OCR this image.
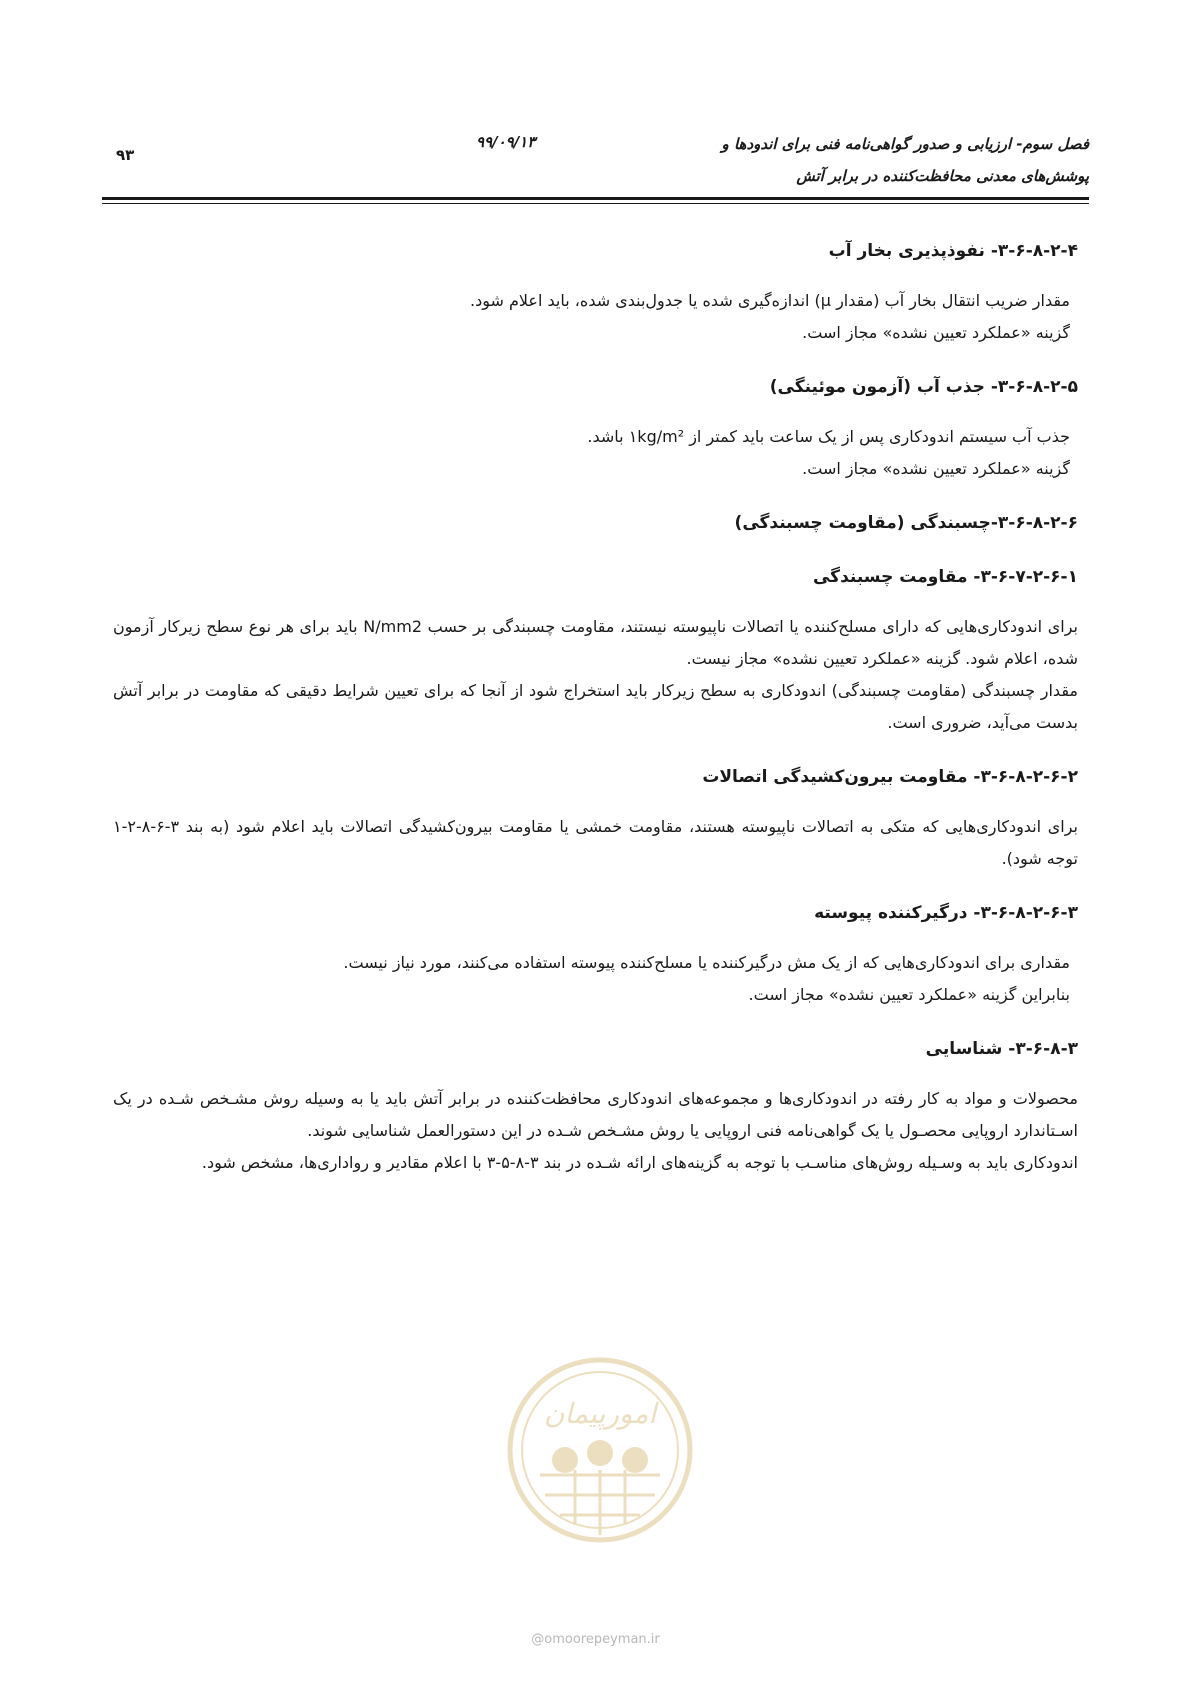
فصل سوم- ارزیابی و صدور گواهی‌نامه فنی برای اندودها و
پوشش‌های معدنی محافظت‌کننده در برابر آتش
۹۹/۰۹/۱۳
۹۳
۳-۶-۸-۲-۴- نفوذپذیری بخار آب

مقدار ضریب انتقال بخار آب (مقدار μ) اندازه‌گیری شده یا جدول‌بندی شده، باید اعلام شود.

گزینه «عملکرد تعیین نشده» مجاز است.

۳-۶-۸-۲-۵- جذب آب (آزمون موئینگی)

جذب آب سیستم اندودکاری پس از یک ساعت باید کمتر از ۱kg/m² باشد.

گزینه «عملکرد تعیین نشده» مجاز است.

۳-۶-۸-۲-۶-چسبندگی (مقاومت چسبندگی)
۳-۶-۷-۲-۶-۱- مقاومت چسبندگی

برای اندودکاری‌هایی که دارای مسلح‌کننده یا اتصالات ناپیوسته نیستند، مقاومت چسبندگی بر حسب N/mm2 باید برای هر نوع سطح زیرکار آزمون شده، اعلام شود. گزینه «عملکرد تعیین نشده» مجاز نیست.

مقدار چسبندگی (مقاومت چسبندگی) اندودکاری به سطح زیرکار باید استخراج شود از آنجا که برای تعیین شرایط دقیقی که مقاومت در برابر آتش بدست می‌آید، ضروری است.

۳-۶-۸-۲-۶-۲- مقاومت بیرون‌کشیدگی اتصالات

برای اندودکاری‌هایی که متکی به اتصالات ناپیوسته هستند، مقاومت خمشی یا مقاومت بیرون‌کشیدگی اتصالات باید اعلام شود (به بند ۳-۶-۸-۲-۱ توجه شود).

۳-۶-۸-۲-۶-۳- درگیرکننده پیوسته

مقداری برای اندودکاری‌هایی که از یک مش درگیرکننده یا مسلح‌کننده پیوسته استفاده می‌کنند، مورد نیاز نیست.

بنابراین گزینه «عملکرد تعیین نشده» مجاز است.

۳-۶-۸-۳- شناسایی

محصولات و مواد به کار رفته در اندودکاری‌ها و مجموعه‌های اندودکاری محافظت‌کننده در برابر آتش باید یا به وسیله روش مشـخص شـده در یک اسـتاندارد اروپایی محصـول یا یک گواهی‌نامه فنی اروپایی یا روش مشـخص شـده در این دستورالعمل شناسایی شوند.

اندودکاری باید به وسـیله روش‌های مناسـب با توجه به گزینه‌های ارائه شـده در بند ۳-۸-۵-۳ با اعلام مقادیر و رواداری‌ها، مشخص شود.

امورپیمان
@omoorepeyman.ir
